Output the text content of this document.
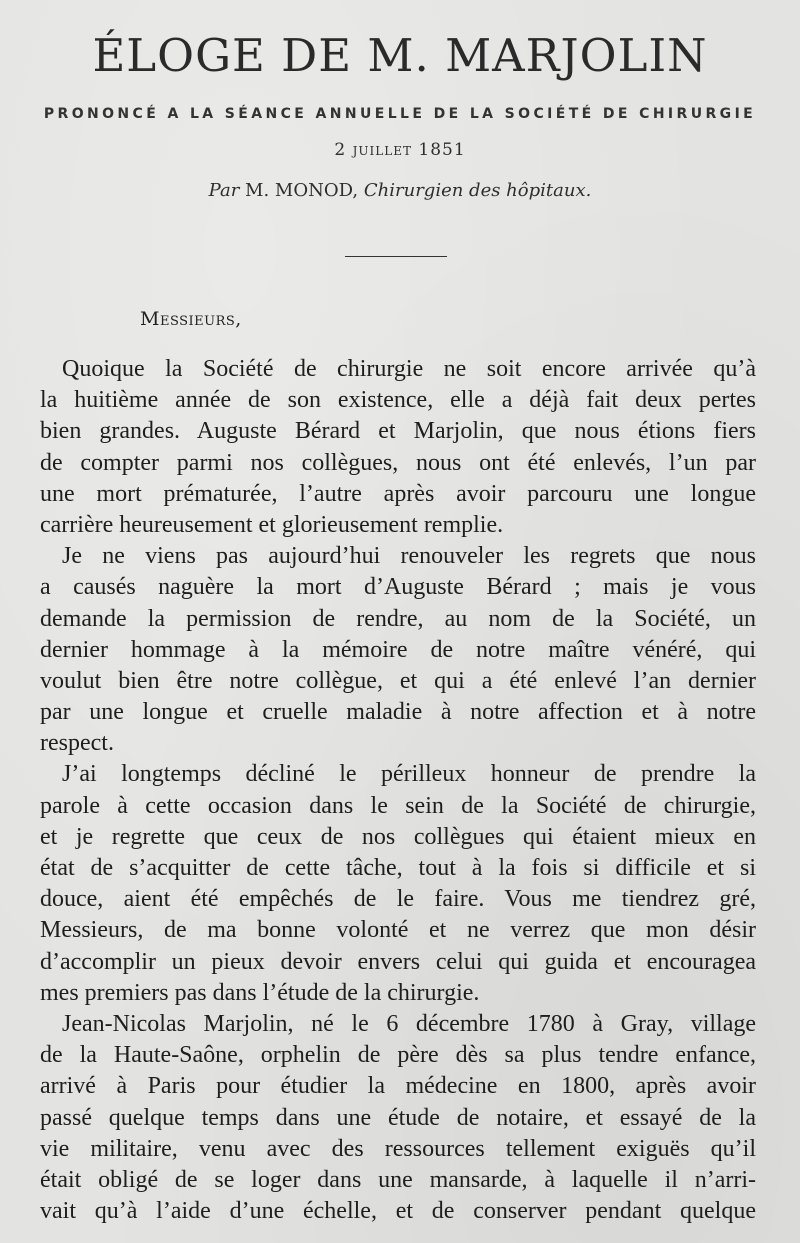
ÉLOGE DE M. MARJOLIN
PRONONCÉ A LA SÉANCE ANNUELLE DE LA SOCIÉTÉ DE CHIRURGIE
2 juillet 1851
Par M. MONOD, Chirurgien des hôpitaux.
Messieurs,
Quoique la Société de chirurgie ne soit encore arrivée qu’à
la huitième année de son existence, elle a déjà fait deux pertes
bien grandes. Auguste Bérard et Marjolin, que nous étions fiers
de compter parmi nos collègues, nous ont été enlevés, l’un par
une mort prématurée, l’autre après avoir parcouru une longue
carrière heureusement et glorieusement remplie.
Je ne viens pas aujourd’hui renouveler les regrets que nous
a causés naguère la mort d’Auguste Bérard ; mais je vous
demande la permission de rendre, au nom de la Société, un
dernier hommage à la mémoire de notre maître vénéré, qui
voulut bien être notre collègue, et qui a été enlevé l’an dernier
par une longue et cruelle maladie à notre affection et à notre
respect.
J’ai longtemps décliné le périlleux honneur de prendre la
parole à cette occasion dans le sein de la Société de chirurgie,
et je regrette que ceux de nos collègues qui étaient mieux en
état de s’acquitter de cette tâche, tout à la fois si difficile et si
douce, aient été empêchés de le faire. Vous me tiendrez gré,
Messieurs, de ma bonne volonté et ne verrez que mon désir
d’accomplir un pieux devoir envers celui qui guida et encouragea
mes premiers pas dans l’étude de la chirurgie.
Jean-Nicolas Marjolin, né le 6 décembre 1780 à Gray, village
de la Haute-Saône, orphelin de père dès sa plus tendre enfance,
arrivé à Paris pour étudier la médecine en 1800, après avoir
passé quelque temps dans une étude de notaire, et essayé de la
vie militaire, venu avec des ressources tellement exiguës qu’il
était obligé de se loger dans une mansarde, à laquelle il n’arri-
vait qu’à l’aide d’une échelle, et de conserver pendant quelque
